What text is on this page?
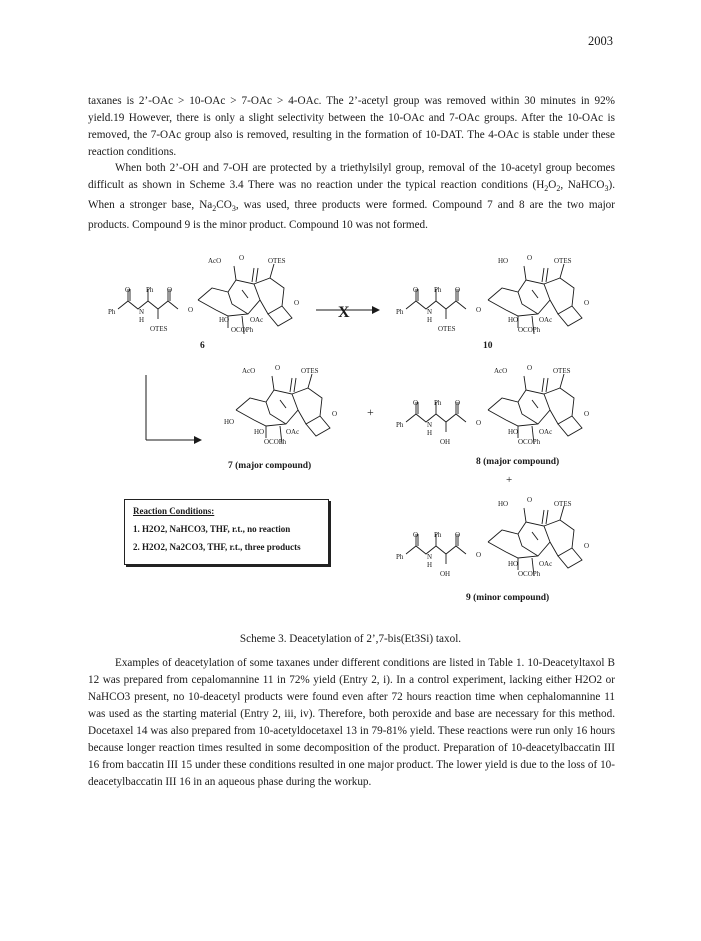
2003

taxanes is 2’-OAc > 10-OAc > 7-OAc > 4-OAc. The 2’-acetyl group was removed within 30 minutes in 92% yield.19 However, there is only a slight selectivity between the 10-OAc and 7-OAc groups. After the 10-OAc is removed, the 7-OAc group also is removed, resulting in the formation of 10-DAT. The 4-OAc is stable under these reaction conditions.

When both 2’-OH and 7-OH are protected by a triethylsilyl group, removal of the 10-acetyl group becomes difficult as shown in Scheme 3.4 There was no reaction under the typical reaction conditions ($H_2O_2$, NaHCO$_3$). When a stronger base, $Na_2CO_3$, was used, three products were formed. Compound 7 and 8 are the two major products. Compound 9 is the minor product. Compound 10 was not formed.

AcO	O	OTES
O Ph O
Ph	N
H
OTES
O
HO	OAc
OCOPh
O
6
X
HO	O	OTES
O Ph O
Ph	N
H
OTES
O
HO	OAc
OCOPh
O
10
AcO	O	OTES
HO
HO	OAc
OCOPh
O
7 (major compound)
+
AcO	O	OTES
O Ph O
Ph	N
H
OH
O
HO	OAc
OCOPh
O
8 (major compound)
+
HO	O	OTES
O Ph O
Ph	N
H
OH
O
HO	OAc
OCOPh
O
9 (minor compound)
Reaction Conditions:
1. H2O2, NaHCO3, THF, r.t., no reaction
2. H2O2, Na2CO3, THF, r.t., three products
Scheme 3. Deacetylation of 2’,7-bis(Et3Si) taxol.

Examples of deacetylation of some taxanes under different conditions are listed in Table 1. 10-Deacetyltaxol B 12 was prepared from cepalomannine 11 in 72% yield (Entry 2, i). In a control experiment, lacking either H2O2 or NaHCO3 present, no 10-deacetyl products were found even after 72 hours reaction time when cephalomannine 11 was used as the starting material (Entry 2, iii, iv). Therefore, both peroxide and base are necessary for this method. Docetaxel 14 was also prepared from 10-acetyldocetaxel 13 in 79-81% yield. These reactions were run only 16 hours because longer reaction times resulted in some decomposition of the product. Preparation of 10-deacetylbaccatin III 16 from baccatin III 15 under these conditions resulted in one major product. The lower yield is due to the loss of 10-deacetylbaccatin III 16 in an aqueous phase during the workup.
